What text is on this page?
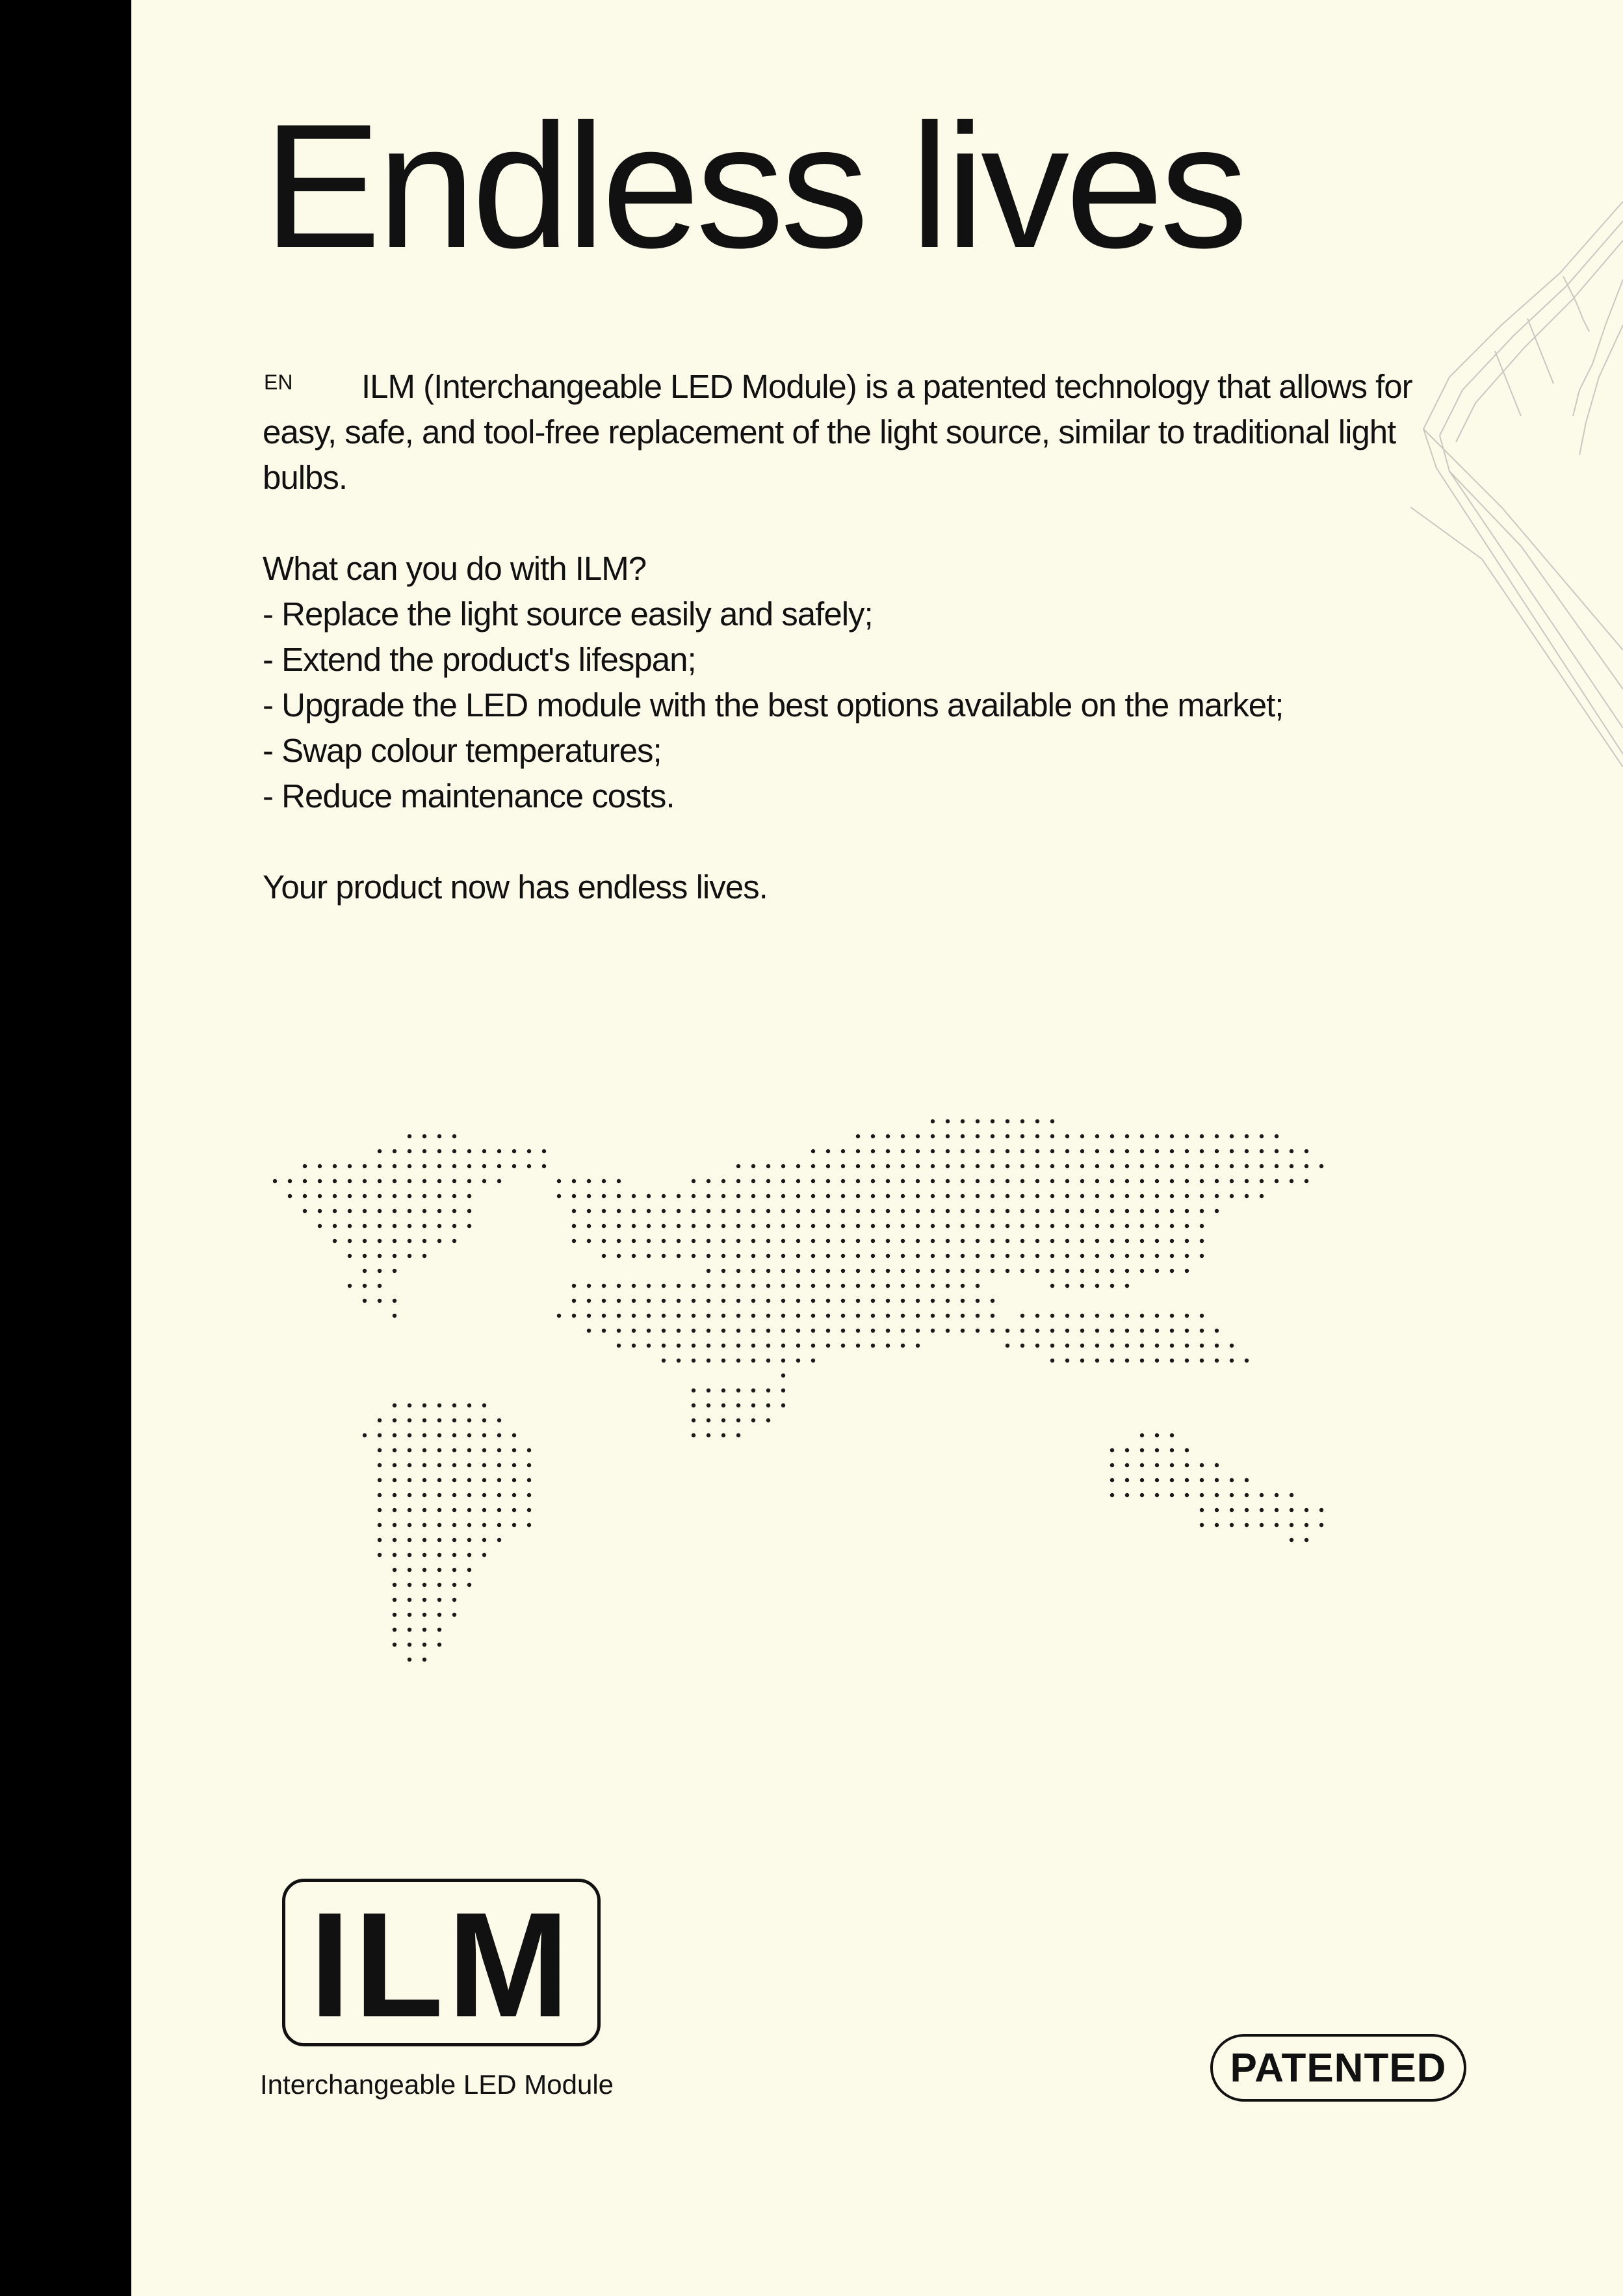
Endless lives
EN	ILM (Interchangeable LED Module) is a patented technology that allows for easy, safe, and tool-free replacement of the light source, similar to traditional light bulbs.

What can you do with ILM?

- Replace the light source easily and safely;
- Extend the product's lifespan;
- Upgrade the LED module with the best options available on the market;
- Swap colour temperatures;
- Reduce maintenance costs.

Your product now has endless lives.

ILM
Interchangeable LED Module	PATENTED
